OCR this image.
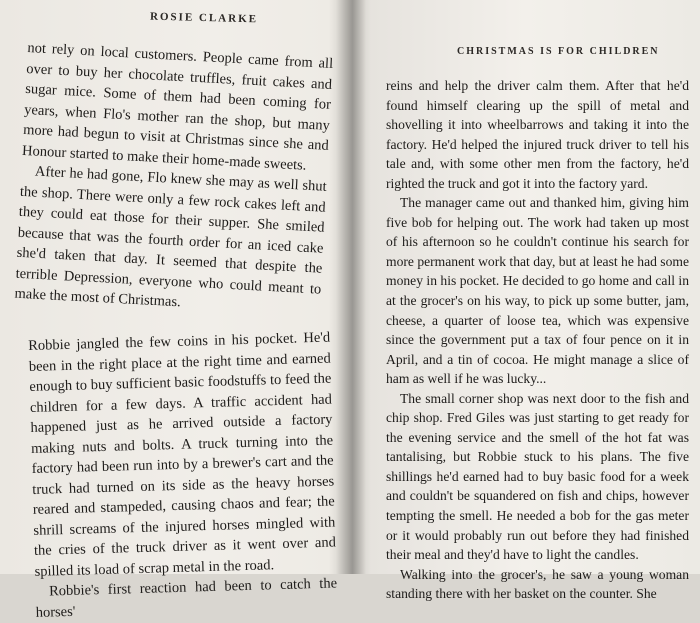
ROSIE CLARKE

not rely on local customers. People came from all over to buy her chocolate truffles, fruit cakes and sugar mice. Some of them had been coming for years, when Flo's mother ran the shop, but many more had begun to visit at Christmas since she and Honour started to make their home-made sweets.

After he had gone, Flo knew she may as well shut the shop. There were only a few rock cakes left and they could eat those for their supper. She smiled because that was the fourth order for an iced cake she'd taken that day. It seemed that despite the terrible Depression, everyone who could meant to make the most of Christmas.

Robbie jangled the few coins in his pocket. He'd been in the right place at the right time and earned enough to buy sufficient basic foodstuffs to feed the children for a few days. A traffic accident had happened just as he arrived outside a factory making nuts and bolts. A truck turning into the factory had been run into by a brewer's cart and the truck had turned on its side as the heavy horses reared and stampeded, causing chaos and fear; the shrill screams of the injured horses mingled with the cries of the truck driver as it went over and spilled its load of scrap metal in the road.

Robbie's first reaction had been to catch the horses'

CHRISTMAS IS FOR CHILDREN

reins and help the driver calm them. After that he'd found himself clearing up the spill of metal and shovelling it into wheelbarrows and taking it into the factory. He'd helped the injured truck driver to tell his tale and, with some other men from the factory, he'd righted the truck and got it into the factory yard.

The manager came out and thanked him, giving him five bob for helping out. The work had taken up most of his afternoon so he couldn't continue his search for more permanent work that day, but at least he had some money in his pocket. He decided to go home and call in at the grocer's on his way, to pick up some butter, jam, cheese, a quarter of loose tea, which was expensive since the government put a tax of four pence on it in April, and a tin of cocoa. He might manage a slice of ham as well if he was lucky...

The small corner shop was next door to the fish and chip shop. Fred Giles was just starting to get ready for the evening service and the smell of the hot fat was tantalising, but Robbie stuck to his plans. The five shillings he'd earned had to buy basic food for a week and couldn't be squandered on fish and chips, however tempting the smell. He needed a bob for the gas meter or it would probably run out before they had finished their meal and they'd have to light the candles.

Walking into the grocer's, he saw a young woman standing there with her basket on the counter. She
